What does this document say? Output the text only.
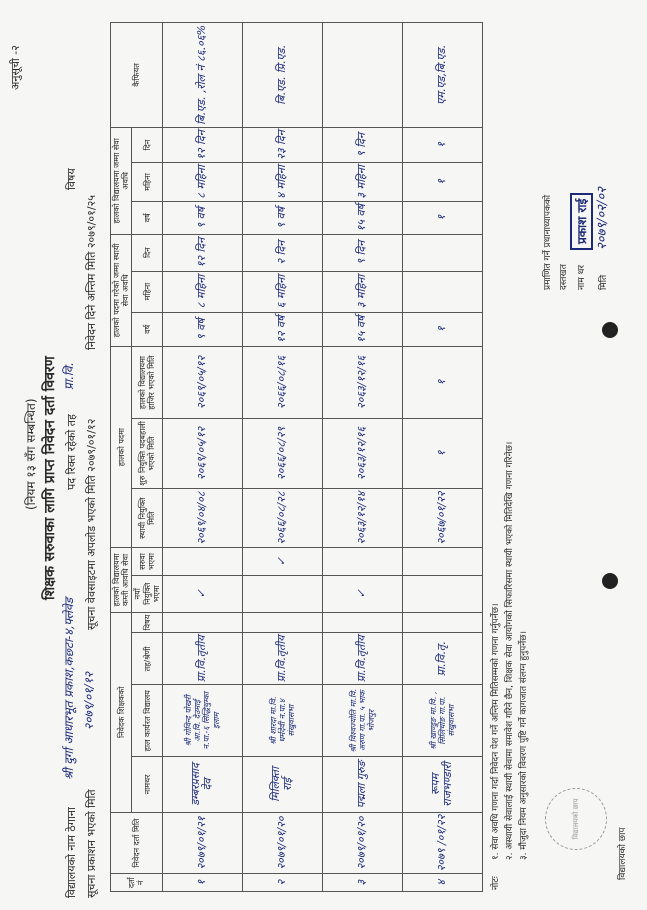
अनुसूची -२
(नियम १३ सँग सम्बन्धित) शिक्षक सरुवाका लागि प्राप्त निवेदन दर्ता विवरण
विद्यालयको नाम ठेगाना
श्री दुर्गा आधारभूत प्रकाश,कछ्टा-४,फ्लेवेड
पद रिक्त रहेको तह
प्रा.वि.
विषय
सूचना प्रकाशन भएको मिति
२०७९/०१/१२
सूचना वेवसाइटमा अपलोड भएको मिति २०७९/०१/१२
निवेदन दिने अन्तिम मिति २०७९/०१/२५
दर्ता नं	निवेदन दर्ता मिति	निवेदक शिक्षकको				हालको विद्यालयमा कम्ती आवधि सेवा		हालको पदमा			हालको पदमा गरेको जम्मा स्थायी सेवा अवधि			हालको विद्यालयमा जम्मा सेवा अवधि			कैफियत
		नामथर	हाल कार्यरत विद्यालय	तह/श्रेणी	विषय	नयाँ नियुक्ति भएमा	सरुवा भएमा	स्थायी नियुक्ति मिति	शुरु नियुक्ति पदबहाली भएको मिति	हालको विद्यालयमा हाजिर भएको मिति	वर्ष	महिना	दिन	वर्ष	महिना	दिन	

१	२०७९/०१/२१	डम्बरप्रसाद देव	श्री गोविन्द पोखरी आ.वि. देउमाई न.पा.-६ सिद्धिथुम्का इलाम	प्रा.वि.तृतीय		✓		२०६९/०४/०८	२०६९/०५/१२	२०६९/०५/१२	९ वर्ष	८ महिना	१२ दिन	९ वर्ष	८ महिना	१२ दिन	बि.एड. ,रोल नं ८६.०६%
२	२०७९/०१/२०	मिलिक्ता राई	श्री शारदा मा.वि. धर्मदेवी न.पा.४ संखुवासभा	प्रा.वि.तृतीय			✓	२०६६/०८/२८	२०६६/०८/२९	२०६६/०८/१६	१२ वर्ष	६ महिना	२ दिन	९ वर्ष	४ महिना	२३ दिन	बि.एड. प्रि.एड.
३	२०७९/०१/२०	पद्मला गुरुङ	श्री विश्वज्योति मा.वि. अरुण गा.पा. ५ भाक भोजपुर	प्रा.वि.तृतीय		✓		२०६३/१२/१४	२०६३/१२/१६	२०६३/१२/१६	१५ वर्ष	३ महिना	९ दिन	१५ वर्ष	३ महिना	९ दिन	
४	२०७९ /०१/२२	रूपम राजभण्डारी	श्री खाण्डुङ मा.वि. , सिलिचोङ गा.पा. संखुवासभा	प्रा.वि.तृ.				२०६७/०१/२२	१	१	१			१	१	१	एम.एड,बि.एड.
नोटः
१. सेवा अवधि गणना गर्दा निवेदन पेश गर्ने अन्तिम मितिसम्मको गणना गर्नुपर्नेछ। २. अस्थायी सेवालाई स्थायी सेवामा समावेश गरिने छैन, शिक्षक सेवा आयोगको सिफारिसमा स्थायी भएको मितिदेखि गणना गरिनेछ। ३. मौजुदा नियम अनुसारको विवरण पुष्टि गर्ने कागजात संलग्न हुनुपर्नेछ।	विद्यालयको छाप
विद्यालयको छाप
प्रमाणित गर्ने प्रधानाध्यापकको दस्तखत नाम थर
प्रकाश राई
मिति
२०७९/०२/०२
